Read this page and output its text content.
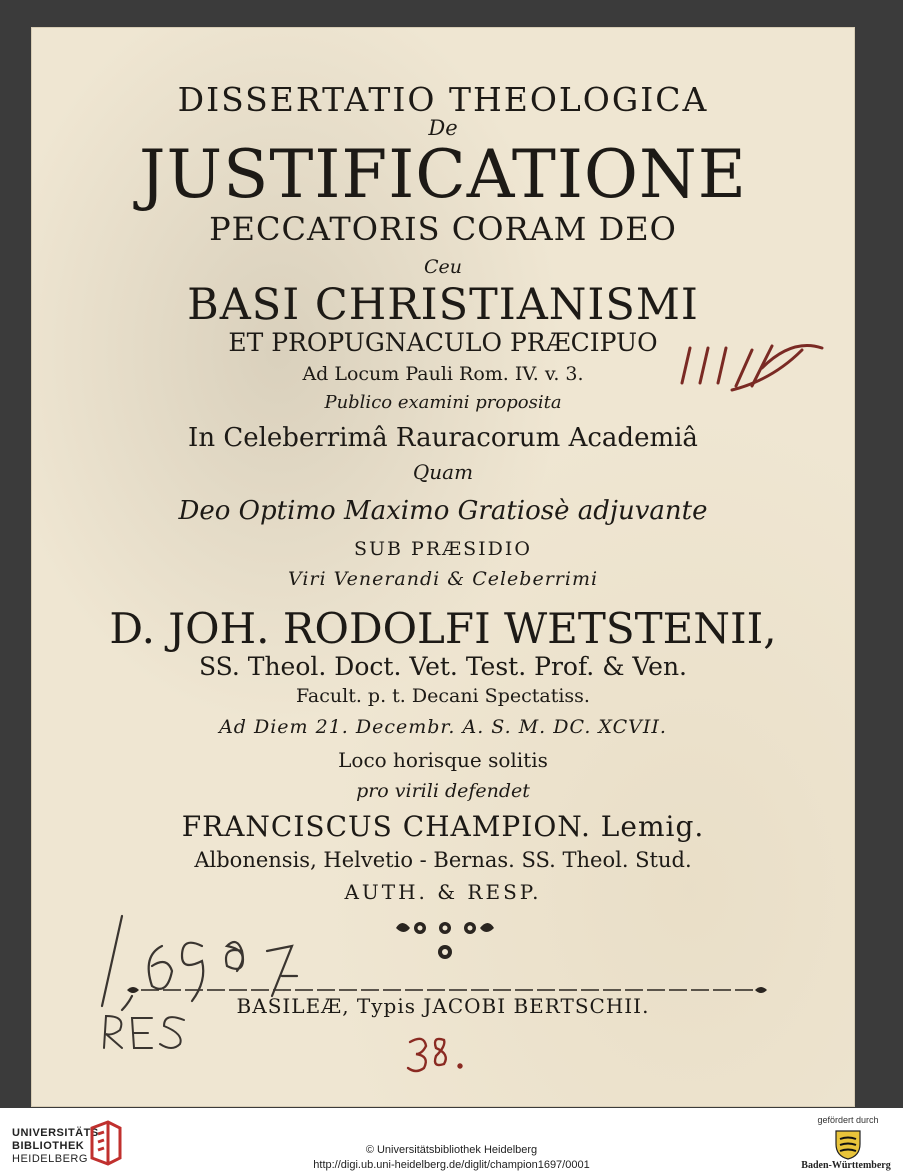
DISSERTATIO THEOLOGICA
De
JUSTIFICATIONE
PECCATORIS CORAM DEO
Ceu
BASI CHRISTIANISMI
ET PROPUGNACULO PRÆCIPUO
Ad Locum Pauli Rom. IV. v. 3.
Publico examini proposita
In Celeberrimâ Rauracorum Academiâ
Quam
Deo Optimo Maximo Gratiosè adjuvante
SUB PRÆSIDIO
Viri Venerandi & Celeberrimi
D. JOH. RODOLFI WETSTENII,
SS. Theol. Doct. Vet. Test. Prof. & Ven.
Facult. p. t. Decani Spectatiss.
Ad Diem 21. Decembr. A. S. M. DC. XCVII.
Loco horisque solitis
pro virili defendet
FRANCISCUS CHAMPION. Lemig.
Albonensis, Helvetio - Bernas. SS. Theol. Stud.
AUTH. & RESP.
BASILEÆ, Typis JACOBI BERTSCHII.
UNIVERSITÄTS-
BIBLIOTHEK
HEIDELBERG
© Universitätsbibliothek Heidelberg
http://digi.ub.uni-heidelberg.de/diglit/champion1697/0001
gefördert durch
Baden-Württemberg
